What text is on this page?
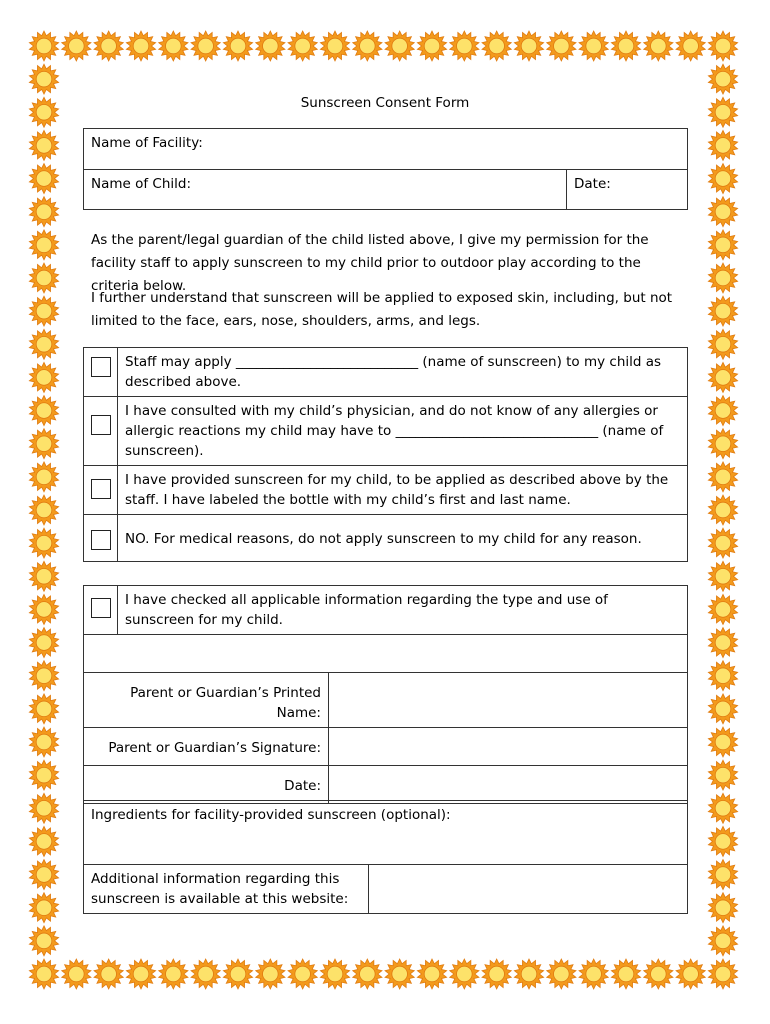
Sunscreen Consent Form
Name of Facility:
Name of Child:	Date:

As the parent/legal guardian of the child listed above, I give my permission for the facility staff to apply sunscreen to my child prior to outdoor play according to the criteria below.

I further understand that sunscreen will be applied to exposed skin, including, but not limited to the face, ears, nose, shoulders, arms, and legs.

	Staff may apply ___________________________ (name of sunscreen) to my child as described above.

	I have consulted with my child’s physician, and do not know of any allergies or allergic reactions my child may have to ______________________________ (name of sunscreen).

	I have provided sunscreen for my child, to be applied as described above by the staff. I have labeled the bottle with my child’s first and last name.

	NO. For medical reasons, do not apply sunscreen to my child for any reason.
	I have checked all applicable information regarding the type and use of sunscreen for my child.	

Parent or Guardian’s Printed Name:		
Parent or Guardian’s Signature:		
Date:		
Ingredients for facility-provided sunscreen (optional):
Additional information regarding this sunscreen is available at this website:	
